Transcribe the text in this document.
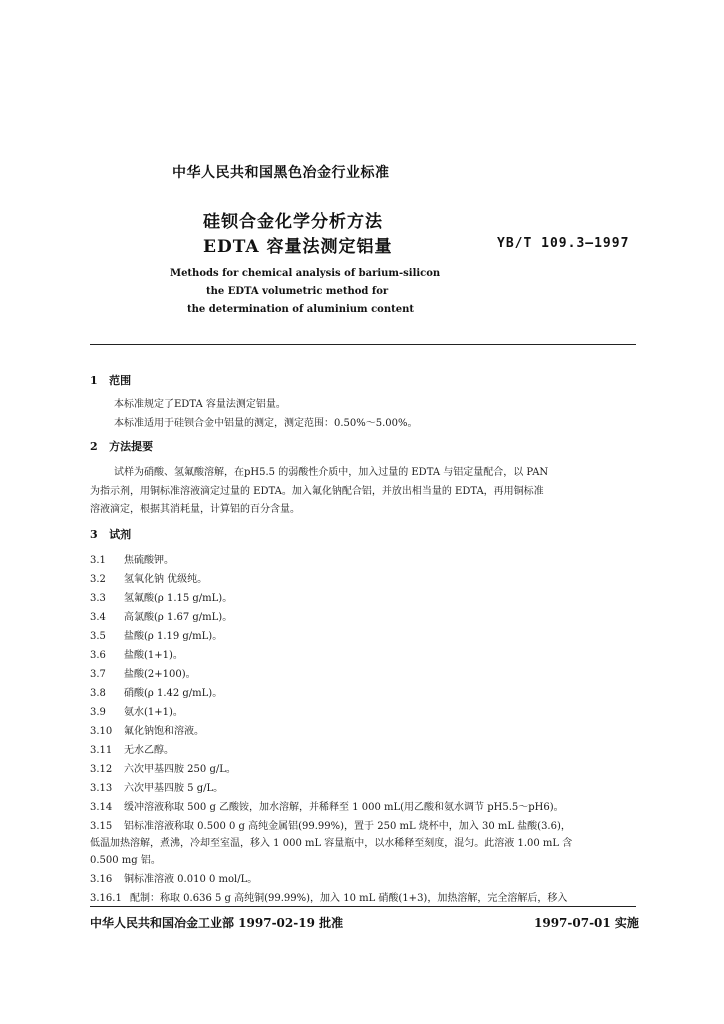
中华人民共和国黑色冶金行业标准
硅钡合金化学分析方法
EDTA 容量法测定铝量	YB/T 109.3—1997
Methods for chemical analysis of barium-silicon
the EDTA volumetric method for
the determination of aluminium content
1 范围
本标准规定了EDTA 容量法测定铝量。
本标准适用于硅钡合金中铝量的测定，测定范围：0.50%～5.00%。
2 方法提要
试样为硝酸、氢氟酸溶解，在pH5.5 的弱酸性介质中，加入过量的 EDTA 与铝定量配合，以 PAN
为指示剂，用铜标准溶液滴定过量的 EDTA。加入氟化钠配合铝，并放出相当量的 EDTA，再用铜标准
溶液滴定，根据其消耗量，计算铝的百分含量。
3 试剂
3.1 焦硫酸钾。
3.2 氢氧化钠 优级纯。
3.3 氢氟酸(ρ 1.15 g/mL)。
3.4 高氯酸(ρ 1.67 g/mL)。
3.5 盐酸(ρ 1.19 g/mL)。
3.6 盐酸(1+1)。
3.7 盐酸(2+100)。
3.8 硝酸(ρ 1.42 g/mL)。
3.9 氨水(1+1)。
3.10 氟化钠饱和溶液。
3.11 无水乙醇。
3.12 六次甲基四胺 250 g/L。
3.13 六次甲基四胺 5 g/L。
3.14 缓冲溶液称取 500 g 乙酸铵，加水溶解，并稀释至 1 000 mL(用乙酸和氨水调节 pH5.5～pH6)。
3.15 铝标准溶液称取 0.500 0 g 高纯金属铝(99.99%)，置于 250 mL 烧杯中，加入 30 mL 盐酸(3.6)，
低温加热溶解，煮沸，冷却至室温，移入 1 000 mL 容量瓶中，以水稀释至刻度，混匀。此溶液 1.00 mL 含
0.500 mg 铝。
3.16 铜标准溶液 0.010 0 mol/L。
3.16.1 配制：称取 0.636 5 g 高纯铜(99.99%)，加入 10 mL 硝酸(1+3)，加热溶解，完全溶解后，移入
中华人民共和国冶金工业部 1997-02-19 批准	1997-07-01 实施
